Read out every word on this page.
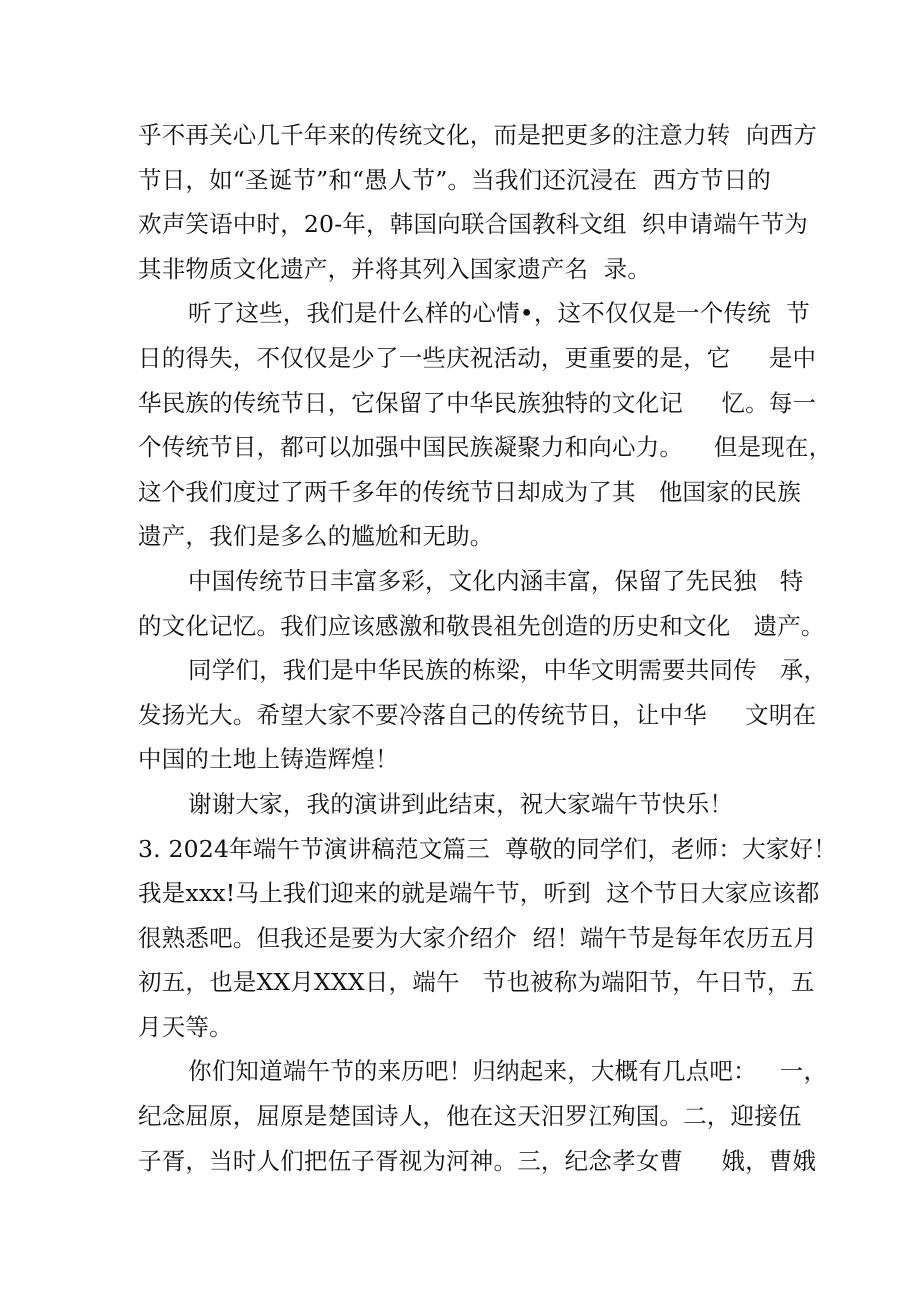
乎不再关心几千年来的传统文化，而是把更多的注意力转  向西方
节日，如“圣诞节”和“愚人节”。当我们还沉浸在  西方节日的
欢声笑语中时，20-年，韩国向联合国教科文组  织申请端午节为
其非物质文化遗产，并将其列入国家遗产名  录。
听了这些，我们是什么样的心情•，这不仅仅是一个传统  节
日的得失，不仅仅是少了一些庆祝活动，更重要的是，它     是中
华民族的传统节日，它保留了中华民族独特的文化记     忆。每一
个传统节目，都可以加强中国民族凝聚力和向心力。    但是现在，
这个我们度过了两千多年的传统节日却成为了其   他国家的民族
遗产，我们是多么的尴尬和无助。
中国传统节日丰富多彩，文化内涵丰富，保留了先民独   特
的文化记忆。我们应该感激和敬畏祖先创造的历史和文化   遗产。
同学们，我们是中华民族的栋梁，中华文明需要共同传   承，
发扬光大。希望大家不要冷落自己的传统节日，让中华     文明在
中国的土地上铸造辉煌！
谢谢大家，我的演讲到此结束，祝大家端午节快乐！
3. 2024年端午节演讲稿范文篇三  尊敬的同学们，老师：大家好！
我是xxx!马上我们迎来的就是端午节，听到  这个节日大家应该都
很熟悉吧。但我还是要为大家介绍介  绍！端午节是每年农历五月
初五，也是XX月XXX日，端午   节也被称为端阳节，午日节，五
月天等。
你们知道端午节的来历吧！归纳起来，大概有几点吧：   一，
纪念屈原，屈原是楚国诗人，他在这天汨罗江殉国。二，迎接伍
子胥，当时人们把伍子胥视为河神。三，纪念孝女曹     娥，曹娥
